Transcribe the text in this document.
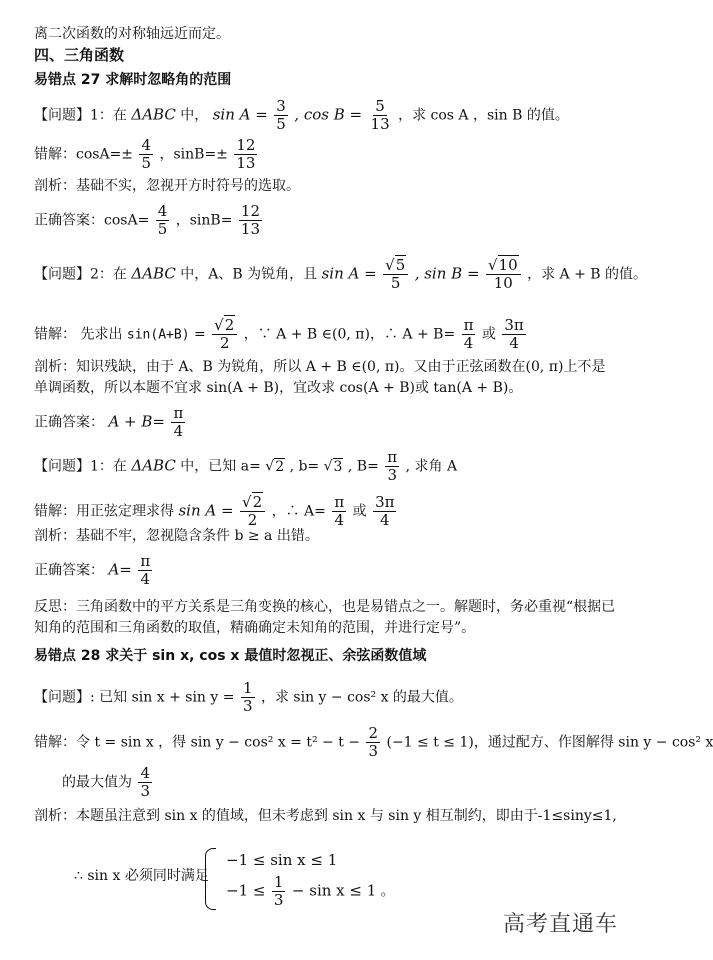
离二次函数的对称轴远近而定。
四、三角函数
易错点 27 求解时忽略角的范围
【问题】1：在 ΔABC 中， $\sin A = \frac{3}{5}$ , $\cos B = \frac{5}{13}$ ，求 cos A ，sin B 的值。
错解：$\cos A=\pm \frac{4}{5}$ ，$\sin B=\pm \frac{12}{13}$
剖析：基础不实，忽视开方时符号的选取。
正确答案：$\cos A= \frac{4}{5}$ ，$\sin B= \frac{12}{13}$
【问题】2：在 ΔABC 中，A、B 为锐角，且 $\sin A = \frac{√5}{5}$ , $\sin B = \frac{√10}{10}$ ，求 A + B 的值。
错解： 先求出 $\sin(A+B) = \frac{√2}{2}$ ，∵ A + B ∈(0, π)，∴ $A + B= \frac{\pi}{4}$ 或 $\frac{3\pi}{4}$
剖析：知识残缺，由于 A、B 为锐角，所以 A + B ∈(0, π)。又由于正弦函数在(0, π)上不是
单调函数，所以本题不宜求 sin(A + B)，宜改求 cos(A + B)或 tan(A + B)。
正确答案： $A + B= \frac{\pi}{4}$
【问题】1：在 ΔABC 中，已知 a= √2 , b= √3 , $B= \frac{\pi}{3}$ , 求角 A
错解：用正弦定理求得 $\sin A = \frac{√2}{2}$ ，∴ $A= \frac{\pi}{4}$ 或 $\frac{3\pi}{4}$
剖析：基础不牢，忽视隐含条件 b ≥ a 出错。
正确答案： $A= \frac{\pi}{4}$
反思：三角函数中的平方关系是三角变换的核心，也是易错点之一。解题时，务必重视“根据已
知角的范围和三角函数的取值，精确确定未知角的范围，并进行定号”。
易错点 28 求关于 sin x, cos x 最值时忽视正、余弦函数值域
【问题】: 已知 $\sin x + \sin y = \frac{1}{3}$ ，求 sin y − cos² x 的最大值。
错解：令 t = sin x ，得 sin y − cos² $x = t^2 - t - \frac{2}{3} (-1 \le t \le 1)$，通过配方、作图解得 sin y − cos² x
的最大值为 $\frac{4}{3}$
剖析：本题虽注意到 sin x 的值域，但未考虑到 sin x 与 sin y 相互制约，即由于-1≤siny≤1,
∴ sin x 必须同时满足
−1 ≤ sin x ≤ 1
$-1 \le \frac{1}{3} - \sin x \le 1$ 。
高考直通车
